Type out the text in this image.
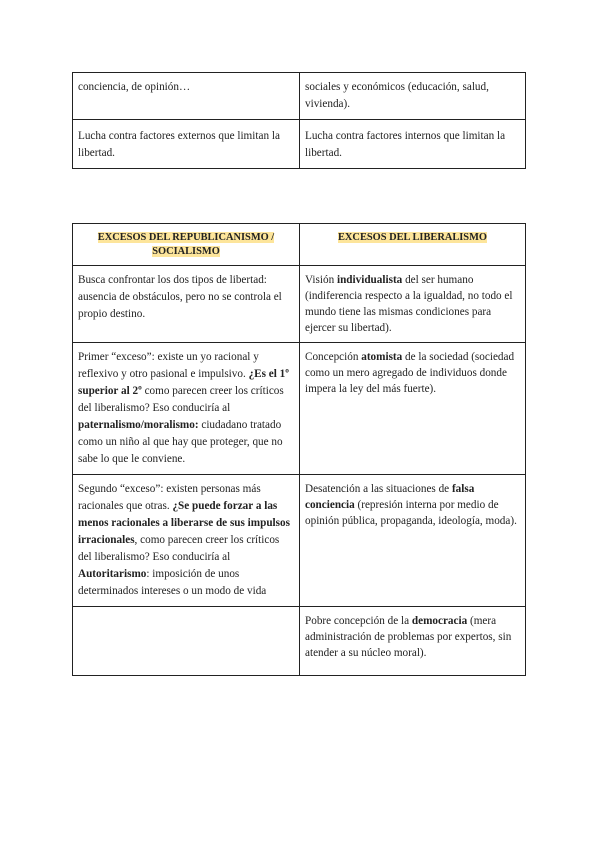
conciencia, de opinión…	sociales y económicos (educación, salud, vivienda).
Lucha contra factores externos que limitan la libertad.	Lucha contra factores internos que limitan la libertad.
EXCESOS DEL REPUBLICANISMO / SOCIALISMO	EXCESOS DEL LIBERALISMO
Busca confrontar los dos tipos de libertad: ausencia de obstáculos, pero no se controla el propio destino.	Visión individualista del ser humano (indiferencia respecto a la igualdad, no todo el mundo tiene las mismas condiciones para ejercer su libertad).
Primer “exceso”: existe un yo racional y reflexivo y otro pasional e impulsivo. ¿Es el 1º superior al 2º como parecen creer los críticos del liberalismo? Eso conduciría al paternalismo/moralismo: ciudadano tratado como un niño al que hay que proteger, que no sabe lo que le conviene.	Concepción atomista de la sociedad (sociedad como un mero agregado de individuos donde impera la ley del más fuerte).
Segundo “exceso”: existen personas más racionales que otras. ¿Se puede forzar a las menos racionales a liberarse de sus impulsos irracionales, como parecen creer los críticos del liberalismo? Eso conduciría al Autoritarismo: imposición de unos determinados intereses o un modo de vida	Desatención a las situaciones de falsa conciencia (represión interna por medio de opinión pública, propaganda, ideología, moda).
	Pobre concepción de la democracia (mera administración de problemas por expertos, sin atender a su núcleo moral).
